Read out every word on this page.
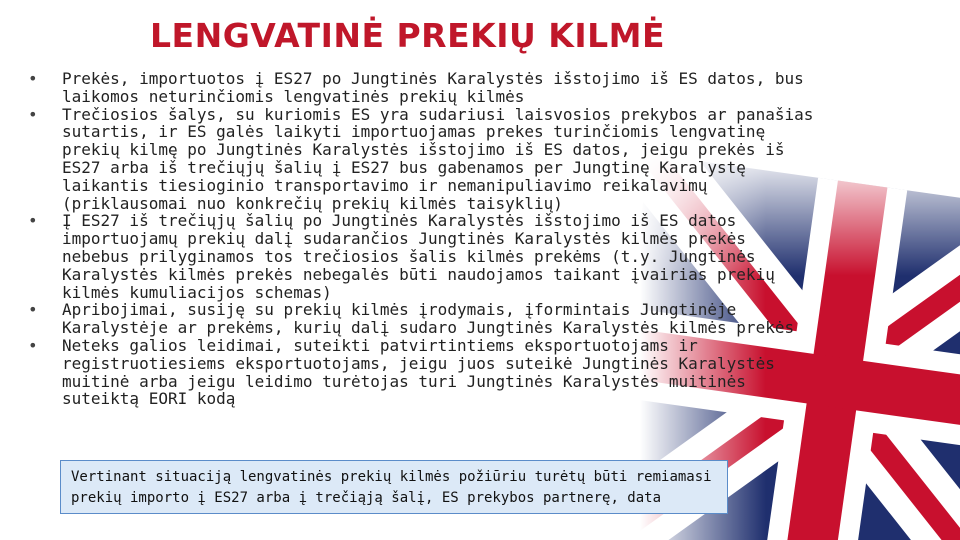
LENGVATINĖ PREKIŲ KILMĖ
• Prekės, importuotos į ES27 po Jungtinės Karalystės išstojimo iš ES datos, bus laikomos neturinčiomis lengvatinės prekių kilmės
• Trečiosios šalys, su kuriomis ES yra sudariusi laisvosios prekybos ar panašias sutartis, ir ES galės laikyti importuojamas prekes turinčiomis lengvatinę prekių kilmę po Jungtinės Karalystės išstojimo iš ES datos, jeigu prekės iš ES27 arba iš trečiųjų šalių į ES27 bus gabenamos per Jungtinę Karalystę laikantis tiesioginio transportavimo ir nemanipuliavimo reikalavimų (priklausomai nuo konkrečių prekių kilmės taisyklių)
• Į ES27 iš trečiųjų šalių po Jungtinės Karalystės išstojimo iš ES datos importuojamų prekių dalį sudarančios Jungtinės Karalystės kilmės prekės nebebus prilyginamos tos trečiosios šalis kilmės prekėms (t.y. Jungtinės Karalystės kilmės prekės nebegalės būti naudojamos taikant įvairias prekių kilmės kumuliacijos schemas)
• Apribojimai, susiję su prekių kilmės įrodymais, įformintais Jungtinėje Karalystėje ar prekėms, kurių dalį sudaro Jungtinės Karalystės kilmės prekės
• Neteks galios leidimai, suteikti patvirtintiems eksportuotojams ir registruotiesiems eksportuotojams, jeigu juos suteikė Jungtinės Karalystės muitinė arba jeigu leidimo turėtojas turi Jungtinės Karalystės muitinės suteiktą EORI kodą
Vertinant situaciją lengvatinės prekių kilmės požiūriu turėtų būti remiamasi prekių importo į ES27 arba į trečiąją šalį, ES prekybos partnerę, data
